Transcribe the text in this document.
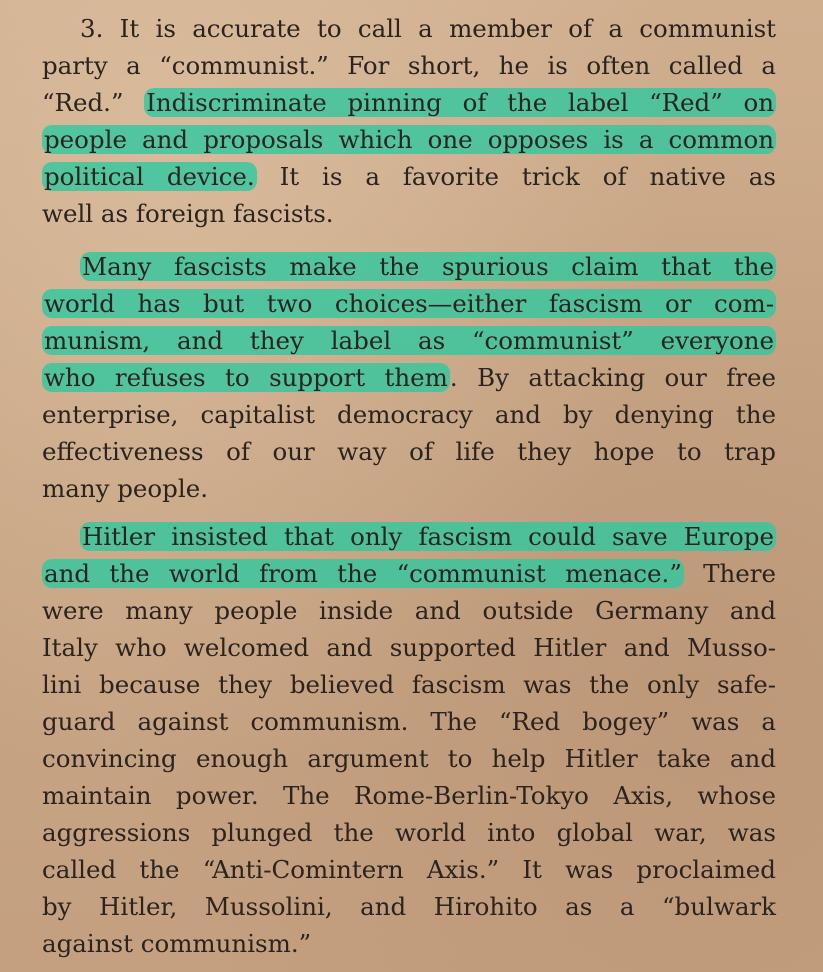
3. It is accurate to call a member of a communist
party a “communist.” For short, he is often called a
“Red.” Indiscriminate pinning of the label “Red” on
people and proposals which one opposes is a common
political device. It is a favorite trick of native as
well as foreign fascists.
Many fascists make the spurious claim that the
world has but two choices—either fascism or com-
munism, and they label as “communist” everyone
who refuses to support them. By attacking our free
enterprise, capitalist democracy and by denying the
effectiveness of our way of life they hope to trap
many people.
Hitler insisted that only fascism could save Europe
and the world from the “communist menace.” There
were many people inside and outside Germany and
Italy who welcomed and supported Hitler and Musso-
lini because they believed fascism was the only safe-
guard against communism. The “Red bogey” was a
convincing enough argument to help Hitler take and
maintain power. The Rome-Berlin-Tokyo Axis, whose
aggressions plunged the world into global war, was
called the “Anti-Comintern Axis.” It was proclaimed
by Hitler, Mussolini, and Hirohito as a “bulwark
against communism.”
